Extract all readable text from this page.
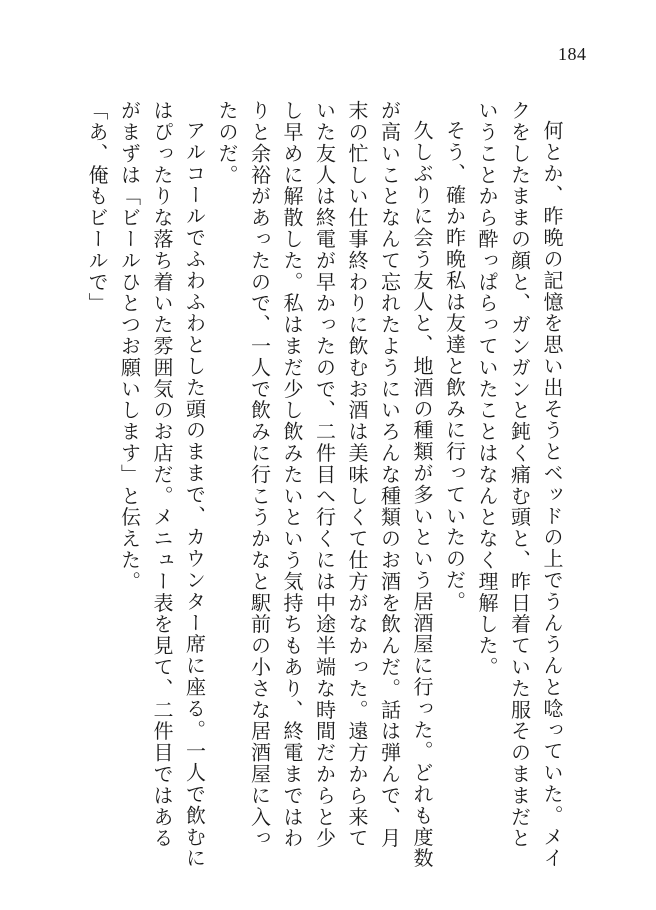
184

何とか、昨晩の記憶を思い出そうとベッドの上でうんうんと唸っていた。メイクをしたままの顔と、ガンガンと鈍く痛む頭と、昨日着ていた服そのままだということから酔っぱらっていたことはなんとなく理解した。

そう、確か昨晩私は友達と飲みに行っていたのだ。

久しぶりに会う友人と、地酒の種類が多いという居酒屋に行った。どれも度数が高いことなんて忘れたようにいろんな種類のお酒を飲んだ。話は弾んで、月末の忙しい仕事終わりに飲むお酒は美味しくて仕方がなかった。遠方から来ていた友人は終電が早かったので、二件目へ行くには中途半端な時間だからと少し早めに解散した。私はまだ少し飲みたいという気持ちもあり、終電まではわりと余裕があったので、一人で飲みに行こうかなと駅前の小さな居酒屋に入ったのだ。

アルコールでふわふわとした頭のままで、カウンター席に座る。一人で飲むにはぴったりな落ち着いた雰囲気のお店だ。メニュー表を見て、二件目ではあるがまずは「ビールひとつお願いします」と伝えた。

「あ、俺もビールで」
